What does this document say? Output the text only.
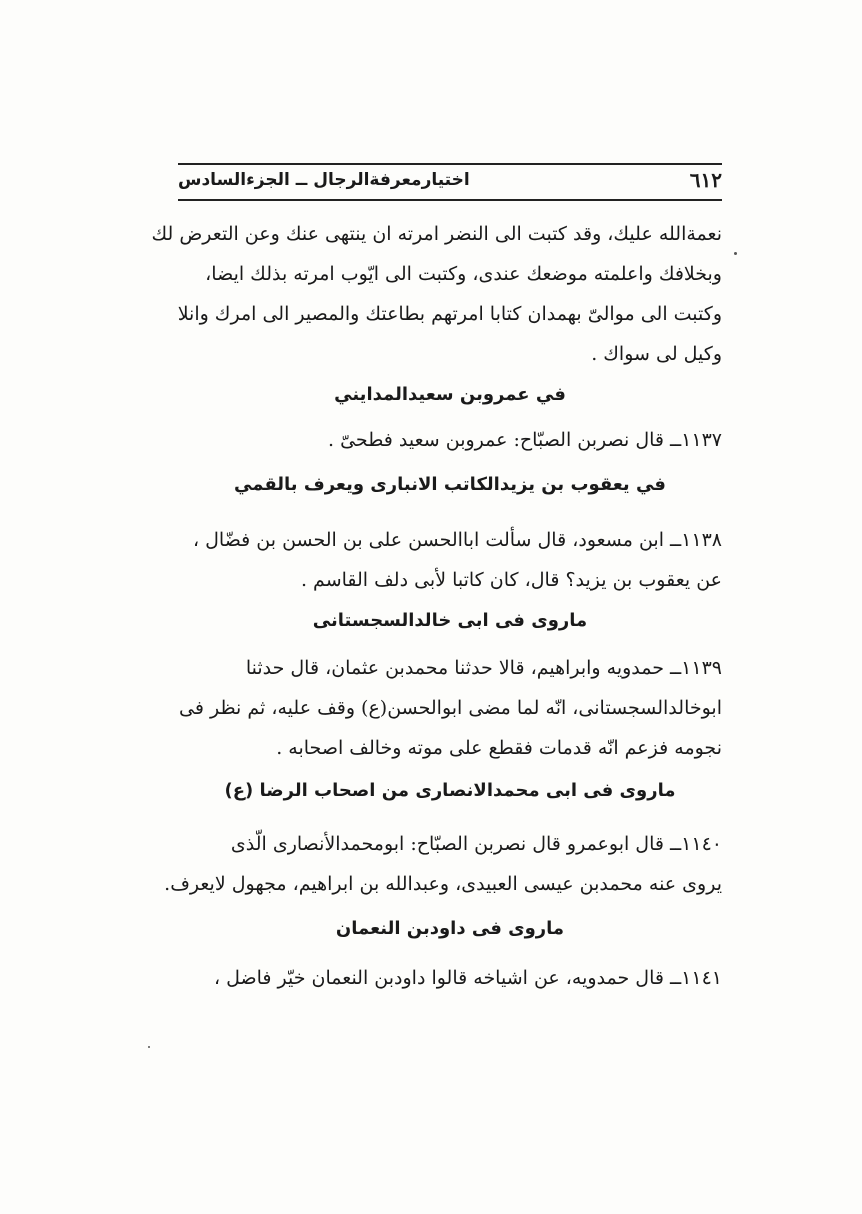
اختيارمعرفةالرجال ــ الجزءالسادس	٦١٢
نعمةالله عليك، وقد كتبت الى النضر امرته ان ينتهى عنك وعن التعرض لك
وبخلافك واعلمته موضعك عندى، وكتبت الى ايّوب امرته بذلك ايضا،
وكتبت الى موالىّ بهمدان كتابا امرتهم بطاعتك والمصير الى امرك وانلا
وكيل لى سواك .
في عمروبن سعيدالمدايني
١١٣٧ــ قال نصربن الصبّاح: عمروبن سعيد فطحىّ .
في يعقوب بن يزيدالكاتب الانبارى ويعرف بالقمي
١١٣٨ــ ابن مسعود، قال سألت اباالحسن على بن الحسن بن فضّال ،
عن يعقوب بن يزيد؟ قال، كان كاتبا لأبى دلف القاسم .
ماروى فى ابى خالدالسجستانى
١١٣٩ــ حمدويه وابراهيم، قالا حدثنا محمدبن عثمان، قال حدثنا
ابوخالدالسجستانى، انّه لما مضى ابوالحسن(ع) وقف عليه، ثم نظر فى
نجومه فزعم انّه قدمات فقطع على موته وخالف اصحابه .
ماروى فى ابى محمدالانصارى من اصحاب الرضا (ع)
١١٤٠ــ قال ابوعمرو قال نصربن الصبّاح: ابومحمدالأنصارى الّذى
يروى عنه محمدبن عيسى العبيدى، وعبدالله بن ابراهيم، مجهول لايعرف.
ماروى فى داودبن النعمان
١١٤١ــ قال حمدويه، عن اشياخه قالوا داودبن النعمان خيّر فاضل ،
